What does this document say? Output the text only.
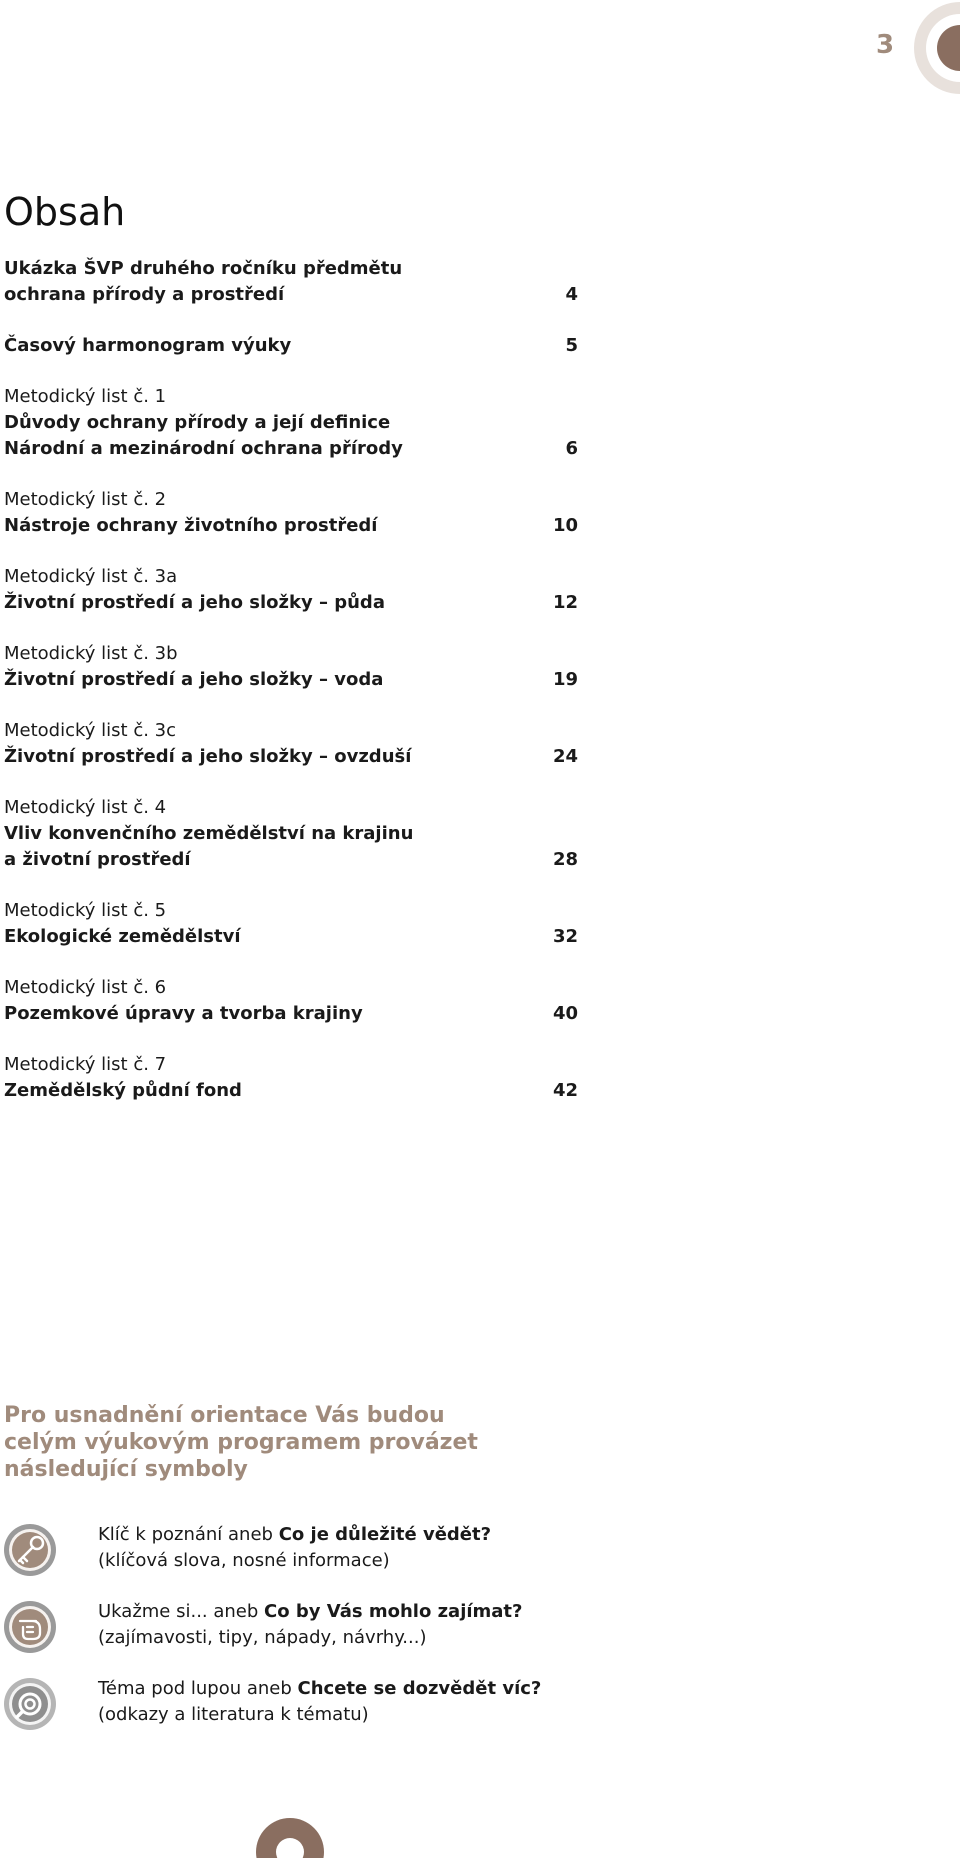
3
Obsah
Ukázka ŠVP druhého ročníku předmětu
ochrana přírody a prostředí	4
Časový harmonogram výuky	5
Metodický list č. 1
Důvody ochrany přírody a její definice
Národní a mezinárodní ochrana přírody	6
Metodický list č. 2
Nástroje ochrany životního prostředí	10
Metodický list č. 3a
Životní prostředí a jeho složky – půda	12
Metodický list č. 3b
Životní prostředí a jeho složky – voda	19
Metodický list č. 3c
Životní prostředí a jeho složky – ovzduší	24
Metodický list č. 4
Vliv konvenčního zemědělství na krajinu
a životní prostředí	28
Metodický list č. 5
Ekologické zemědělství	32
Metodický list č. 6
Pozemkové úpravy a tvorba krajiny	40
Metodický list č. 7
Zemědělský půdní fond	42
Pro usnadnění orientace Vás budou
celým výukovým programem provázet
následující symboly
Klíč k poznání aneb Co je důležité vědět?
(klíčová slova, nosné informace)
Ukažme si... aneb Co by Vás mohlo zajímat?
(zajímavosti, tipy, nápady, návrhy...)
Téma pod lupou aneb Chcete se dozvědět víc?
(odkazy a literatura k tématu)
